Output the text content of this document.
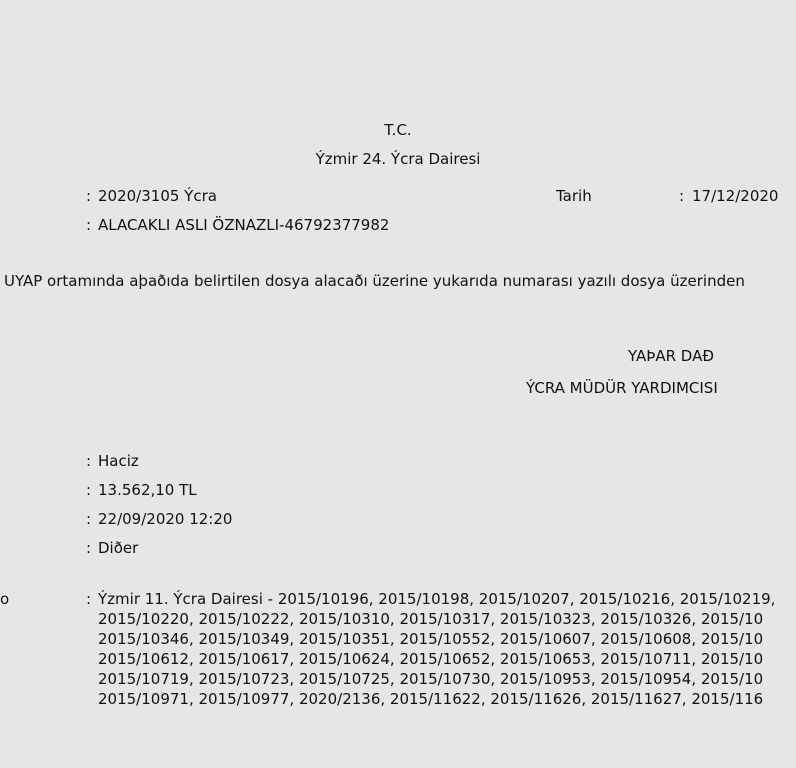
T.C.
Ýzmir 24. Ýcra Dairesi
: 2020/3105 Ýcra	Tarih	: 17/12/2020
: ALACAKLI ASLI ÖZNAZLI-46792377982
UYAP ortamında aþaðıda belirtilen dosya alacaðı üzerine yukarıda numarası yazılı dosya üzerinden
YAÞAR DAÐ
ÝCRA MÜDÜR YARDIMCISI
: Haciz
: 13.562,10 TL
: 22/09/2020 12:20
: Diðer
o	: Ýzmir 11. Ýcra Dairesi - 2015/10196, 2015/10198, 2015/10207, 2015/10216, 2015/10219,
2015/10220, 2015/10222, 2015/10310, 2015/10317, 2015/10323, 2015/10326, 2015/10
2015/10346, 2015/10349, 2015/10351, 2015/10552, 2015/10607, 2015/10608, 2015/10
2015/10612, 2015/10617, 2015/10624, 2015/10652, 2015/10653, 2015/10711, 2015/10
2015/10719, 2015/10723, 2015/10725, 2015/10730, 2015/10953, 2015/10954, 2015/10
2015/10971, 2015/10977, 2020/2136, 2015/11622, 2015/11626, 2015/11627, 2015/116
